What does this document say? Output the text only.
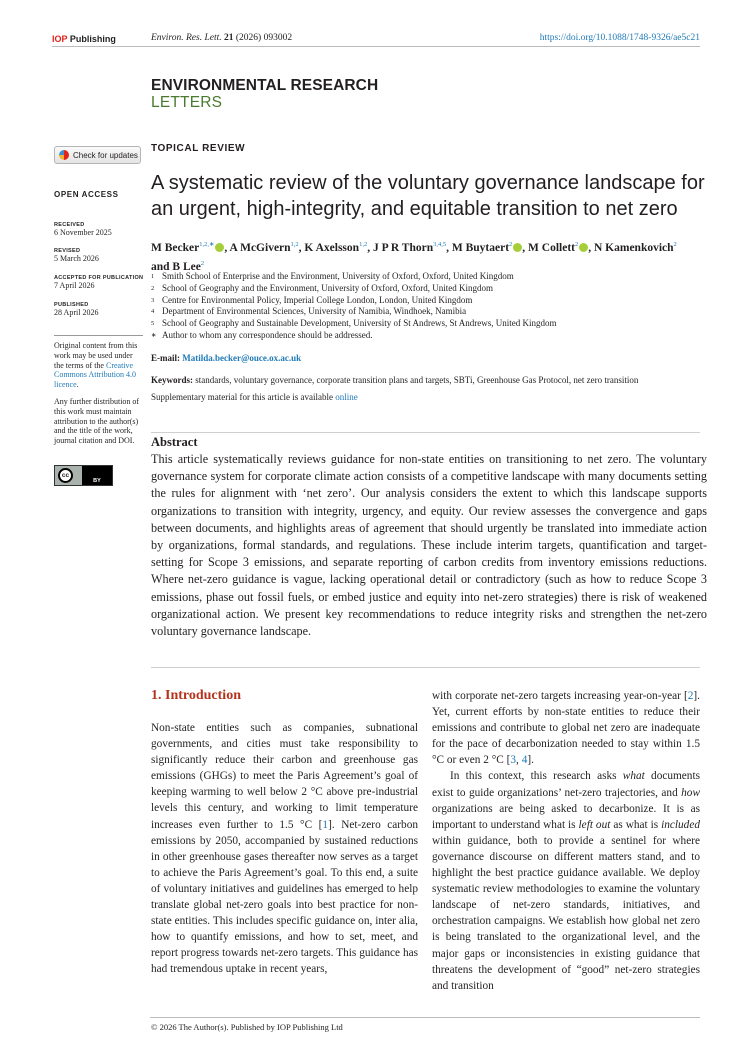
IOP Publishing	Environ. Res. Lett. 21 (2026) 093002	https://doi.org/10.1088/1748-9326/ae5c21
ENVIRONMENTAL RESEARCH
LETTERS
Check for updates
OPEN ACCESS
RECEIVED
6 November 2025
REVISED
5 March 2026
ACCEPTED FOR PUBLICATION
7 April 2026
PUBLISHED
28 April 2026
Original content from this work may be used under the terms of the Creative Commons Attribution 4.0 licence.
Any further distribution of this work must maintain attribution to the author(s) and the title of the work, journal citation and DOI.
cc
BY
TOPICAL REVIEW
A systematic review of the voluntary governance landscape for an urgent, high-integrity, and equitable transition to net zero
M Becker$^{1,2,∗}$ , A McGivern$^{1,2}$, K Axelsson$^{1,2}$, J P R Thorn$^{3,4,5}$, M Buytaert$^2$ , M Collett$^2$ , N Kamenkovich$^2$
and B Lee$^2$
1 Smith School of Enterprise and the Environment, University of Oxford, Oxford, United Kingdom
2 School of Geography and the Environment, University of Oxford, Oxford, United Kingdom
3 Centre for Environmental Policy, Imperial College London, London, United Kingdom
4 Department of Environmental Sciences, University of Namibia, Windhoek, Namibia
5 School of Geography and Sustainable Development, University of St Andrews, St Andrews, United Kingdom
∗ Author to whom any correspondence should be addressed.
E-mail: Matilda.becker@ouce.ox.ac.uk
Keywords: standards, voluntary governance, corporate transition plans and targets, SBTi, Greenhouse Gas Protocol, net zero transition
Supplementary material for this article is available online
Abstract
This article systematically reviews guidance for non-state entities on transitioning to net zero. The voluntary governance system for corporate climate action consists of a competitive landscape with many documents setting the rules for alignment with ‘net zero’. Our analysis considers the extent to which this landscape supports organizations to transition with integrity, urgency, and equity. Our review assesses the convergence and gaps between documents, and highlights areas of agreement that should urgently be translated into immediate action by organizations, formal standards, and regulations. These include interim targets, quantification and target-setting for Scope 3 emissions, and separate reporting of carbon credits from inventory emissions reductions. Where net-zero guidance is vague, lacking operational detail or contradictory (such as how to reduce Scope 3 emissions, phase out fossil fuels, or embed justice and equity into net-zero strategies) there is risk of weakened organizational action. We present key recommendations to reduce integrity risks and strengthen the net-zero voluntary governance landscape.
1. Introduction

Non-state entities such as companies, subnational governments, and cities must take responsibility to significantly reduce their carbon and greenhouse gas emissions (GHGs) to meet the Paris Agreement’s goal of keeping warming to well below 2 °C above pre-industrial levels this century, and working to limit temperature increases even further to 1.5 °C [1]. Net-zero carbon emissions by 2050, accompanied by sustained reductions in other greenhouse gases thereafter now serves as a target to achieve the Paris Agreement’s goal. To this end, a suite of voluntary initiatives and guidelines has emerged to help translate global net-zero goals into best practice for non-state entities. This includes specific guidance on, inter alia, how to quantify emissions, and how to set, meet, and report progress towards net-zero targets. This guidance has had tremendous uptake in recent years,

with corporate net-zero targets increasing year-on-year [2]. Yet, current efforts by non-state entities to reduce their emissions and contribute to global net zero are inadequate for the pace of decarbonization needed to stay within 1.5 °C or even 2 °C [3, 4].

In this context, this research asks what documents exist to guide organizations’ net-zero trajectories, and how organizations are being asked to decarbonize. It is as important to understand what is left out as what is included within guidance, both to provide a sentinel for where governance discourse on different matters stand, and to highlight the best practice guidance available. We deploy systematic review methodologies to examine the voluntary landscape of net-zero standards, initiatives, and orchestration campaigns. We establish how global net zero is being translated to the organizational level, and the major gaps or inconsistencies in existing guidance that threatens the development of “good” net-zero strategies and transition

© 2026 The Author(s). Published by IOP Publishing Ltd
